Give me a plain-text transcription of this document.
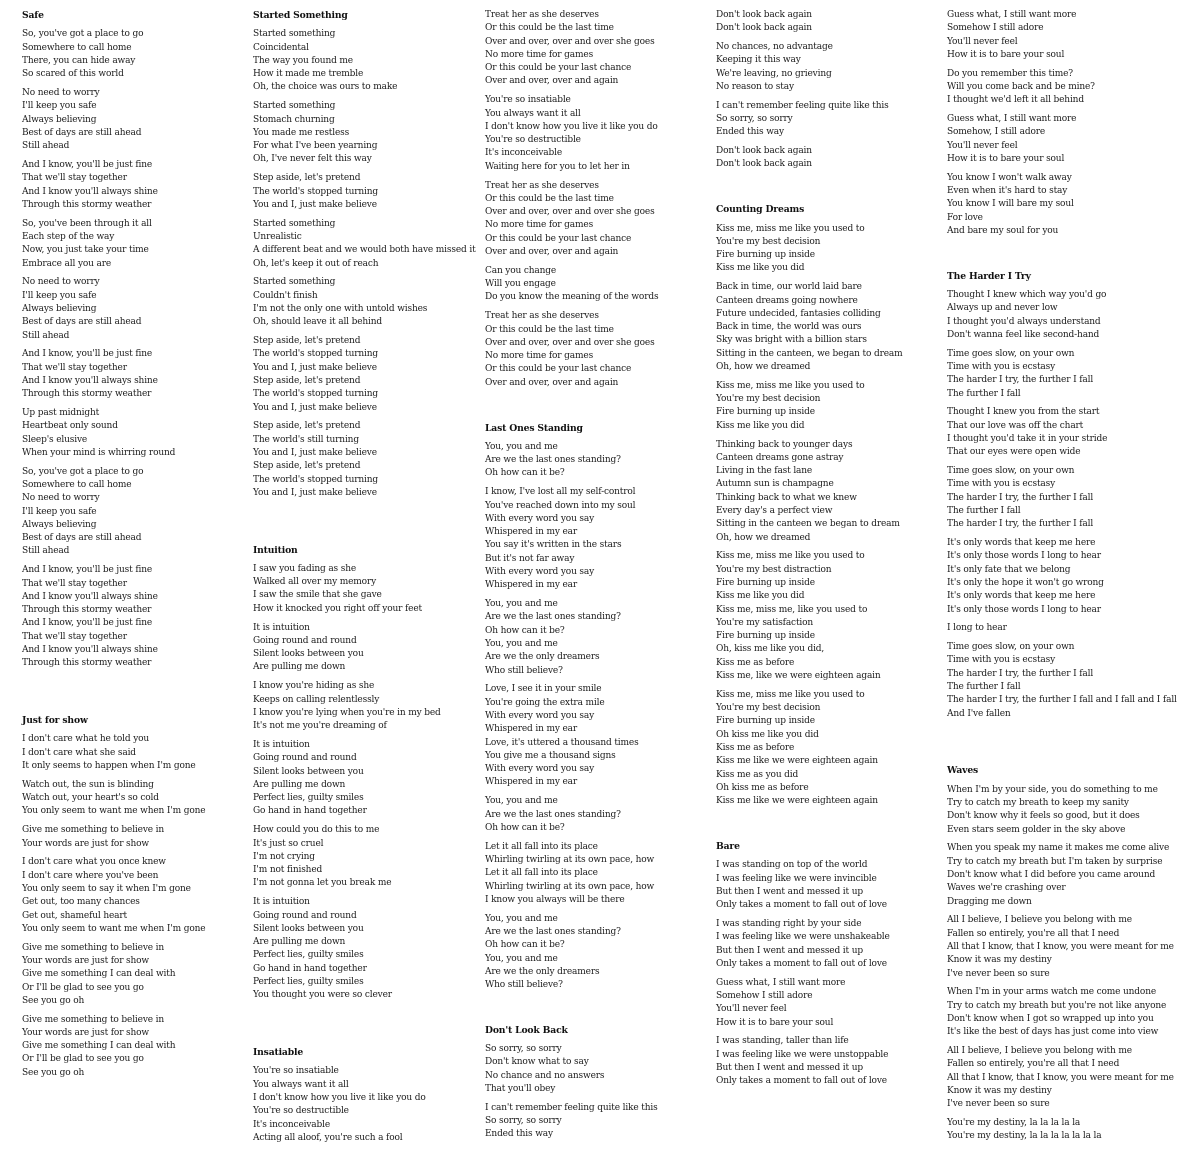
Safe
So, you've got a place to go
Somewhere to call home
There, you can hide away
So scared of this world
No need to worry
I'll keep you safe
Always believing
Best of days are still ahead
Still ahead
And I know, you'll be just fine
That we'll stay together
And I know you'll always shine
Through this stormy weather
So, you've been through it all
Each step of the way
Now, you just take your time
Embrace all you are
No need to worry
I'll keep you safe
Always believing
Best of days are still ahead
Still ahead
And I know, you'll be just fine
That we'll stay together
And I know you'll always shine
Through this stormy weather
Up past midnight
Heartbeat only sound
Sleep's elusive
When your mind is whirring round
So, you've got a place to go
Somewhere to call home
No need to worry
I'll keep you safe
Always believing
Best of days are still ahead
Still ahead
And I know, you'll be just fine
That we'll stay together
And I know you'll always shine
Through this stormy weather
And I know, you'll be just fine
That we'll stay together
And I know you'll always shine
Through this stormy weather
Just for show
I don't care what he told you
I don't care what she said
It only seems to happen when I'm gone
Watch out, the sun is blinding
Watch out, your heart's so cold
You only seem to want me when I'm gone
Give me something to believe in
Your words are just for show
I don't care what you once knew
I don't care where you've been
You only seem to say it when I'm gone
Get out, too many chances
Get out, shameful heart
You only seem to want me when I'm gone
Give me something to believe in
Your words are just for show
Give me something I can deal with
Or I'll be glad to see you go
See you go oh
Give me something to believe in
Your words are just for show
Give me something I can deal with
Or I'll be glad to see you go
See you go oh
Started Something
Started something
Coincidental
The way you found me
How it made me tremble
Oh, the choice was ours to make
Started something
Stomach churning
You made me restless
For what I've been yearning
Oh, I've never felt this way
Step aside, let's pretend
The world's stopped turning
You and I, just make believe
Started something
Unrealistic
A different beat and we would both have missed it
Oh, let's keep it out of reach
Started something
Couldn't finish
I'm not the only one with untold wishes
Oh, should leave it all behind
Step aside, let's pretend
The world's stopped turning
You and I, just make believe
Step aside, let's pretend
The world's stopped turning
You and I, just make believe
Step aside, let's pretend
The world's still turning
You and I, just make believe
Step aside, let's pretend
The world's stopped turning
You and I, just make believe
Intuition
I saw you fading as she
Walked all over my memory
I saw the smile that she gave
How it knocked you right off your feet
It is intuition
Going round and round
Silent looks between you
Are pulling me down
I know you're hiding as she
Keeps on calling relentlessly
I know you're lying when you're in my bed
It's not me you're dreaming of
It is intuition
Going round and round
Silent looks between you
Are pulling me down
Perfect lies, guilty smiles
Go hand in hand together
How could you do this to me
It's just so cruel
I'm not crying
I'm not finished
I'm not gonna let you break me
It is intuition
Going round and round
Silent looks between you
Are pulling me down
Perfect lies, guilty smiles
Go hand in hand together
Perfect lies, guilty smiles
You thought you were so clever
Insatiable
You're so insatiable
You always want it all
I don't know how you live it like you do
You're so destructible
It's inconceivable
Acting all aloof, you're such a fool
Treat her as she deserves
Or this could be the last time
Over and over, over and over she goes
No more time for games
Or this could be your last chance
Over and over, over and again
You're so insatiable
You always want it all
I don't know how you live it like you do
You're so destructible
It's inconceivable
Waiting here for you to let her in
Treat her as she deserves
Or this could be the last time
Over and over, over and over she goes
No more time for games
Or this could be your last chance
Over and over, over and again
Can you change
Will you engage
Do you know the meaning of the words
Treat her as she deserves
Or this could be the last time
Over and over, over and over she goes
No more time for games
Or this could be your last chance
Over and over, over and again
Last Ones Standing
You, you and me
Are we the last ones standing?
Oh how can it be?
I know, I've lost all my self-control
You've reached down into my soul
With every word you say
Whispered in my ear
You say it's written in the stars
But it's not far away
With every word you say
Whispered in my ear
You, you and me
Are we the last ones standing?
Oh how can it be?
You, you and me
Are we the only dreamers
Who still believe?
Love, I see it in your smile
You're going the extra mile
With every word you say
Whispered in my ear
Love, it's uttered a thousand times
You give me a thousand signs
With every word you say
Whispered in my ear
You, you and me
Are we the last ones standing?
Oh how can it be?
Let it all fall into its place
Whirling twirling at its own pace, how
Let it all fall into its place
Whirling twirling at its own pace, how
I know you always will be there
You, you and me
Are we the last ones standing?
Oh how can it be?
You, you and me
Are we the only dreamers
Who still believe?
Don't Look Back
So sorry, so sorry
Don't know what to say
No chance and no answers
That you'll obey
I can't remember feeling quite like this
So sorry, so sorry
Ended this way
Don't look back again
Don't look back again
No chances, no advantage
Keeping it this way
We're leaving, no grieving
No reason to stay
I can't remember feeling quite like this
So sorry, so sorry
Ended this way
Don't look back again
Don't look back again
Counting Dreams
Kiss me, miss me like you used to
You're my best decision
Fire burning up inside
Kiss me like you did
Back in time, our world laid bare
Canteen dreams going nowhere
Future undecided, fantasies colliding
Back in time, the world was ours
Sky was bright with a billion stars
Sitting in the canteen, we began to dream
Oh, how we dreamed
Kiss me, miss me like you used to
You're my best decision
Fire burning up inside
Kiss me like you did
Thinking back to younger days
Canteen dreams gone astray
Living in the fast lane
Autumn sun is champagne
Thinking back to what we knew
Every day's a perfect view
Sitting in the canteen we began to dream
Oh, how we dreamed
Kiss me, miss me like you used to
You're my best distraction
Fire burning up inside
Kiss me like you did
Kiss me, miss me, like you used to
You're my satisfaction
Fire burning up inside
Oh, kiss me like you did,
Kiss me as before
Kiss me, like we were eighteen again
Kiss me, miss me like you used to
You're my best decision
Fire burning up inside
Oh kiss me like you did
Kiss me as before
Kiss me like we were eighteen again
Kiss me as you did
Oh kiss me as before
Kiss me like we were eighteen again
Bare
I was standing on top of the world
I was feeling like we were invincible
But then I went and messed it up
Only takes a moment to fall out of love
I was standing right by your side
I was feeling like we were unshakeable
But then I went and messed it up
Only takes a moment to fall out of love
Guess what, I still want more
Somehow I still adore
You'll never feel
How it is to bare your soul
I was standing, taller than life
I was feeling like we were unstoppable
But then I went and messed it up
Only takes a moment to fall out of love
Guess what, I still want more
Somehow I still adore
You'll never feel
How it is to bare your soul
Do you remember this time?
Will you come back and be mine?
I thought we'd left it all behind
Guess what, I still want more
Somehow, I still adore
You'll never feel
How it is to bare your soul
You know I won't walk away
Even when it's hard to stay
You know I will bare my soul
For love
And bare my soul for you
The Harder I Try
Thought I knew which way you'd go
Always up and never low
I thought you'd always understand
Don't wanna feel like second-hand
Time goes slow, on your own
Time with you is ecstasy
The harder I try, the further I fall
The further I fall
Thought I knew you from the start
That our love was off the chart
I thought you'd take it in your stride
That our eyes were open wide
Time goes slow, on your own
Time with you is ecstasy
The harder I try, the further I fall
The further I fall
The harder I try, the further I fall
It's only words that keep me here
It's only those words I long to hear
It's only fate that we belong
It's only the hope it won't go wrong
It's only words that keep me here
It's only those words I long to hear
I long to hear
Time goes slow, on your own
Time with you is ecstasy
The harder I try, the further I fall
The further I fall
The harder I try, the further I fall and I fall and I fall
And I've fallen
Waves
When I'm by your side, you do something to me
Try to catch my breath to keep my sanity
Don't know why it feels so good, but it does
Even stars seem golder in the sky above
When you speak my name it makes me come alive
Try to catch my breath but I'm taken by surprise
Don't know what I did before you came around
Waves we're crashing over
Dragging me down
All I believe, I believe you belong with me
Fallen so entirely, you're all that I need
All that I know, that I know, you were meant for me
Know it was my destiny
I've never been so sure
When I'm in your arms watch me come undone
Try to catch my breath but you're not like anyone
Don't know when I got so wrapped up into you
It's like the best of days has just come into view
All I believe, I believe you belong with me
Fallen so entirely, you're all that I need
All that I know, that I know, you were meant for me
Know it was my destiny
I've never been so sure
You're my destiny, la la la la la
You're my destiny, la la la la la la la
